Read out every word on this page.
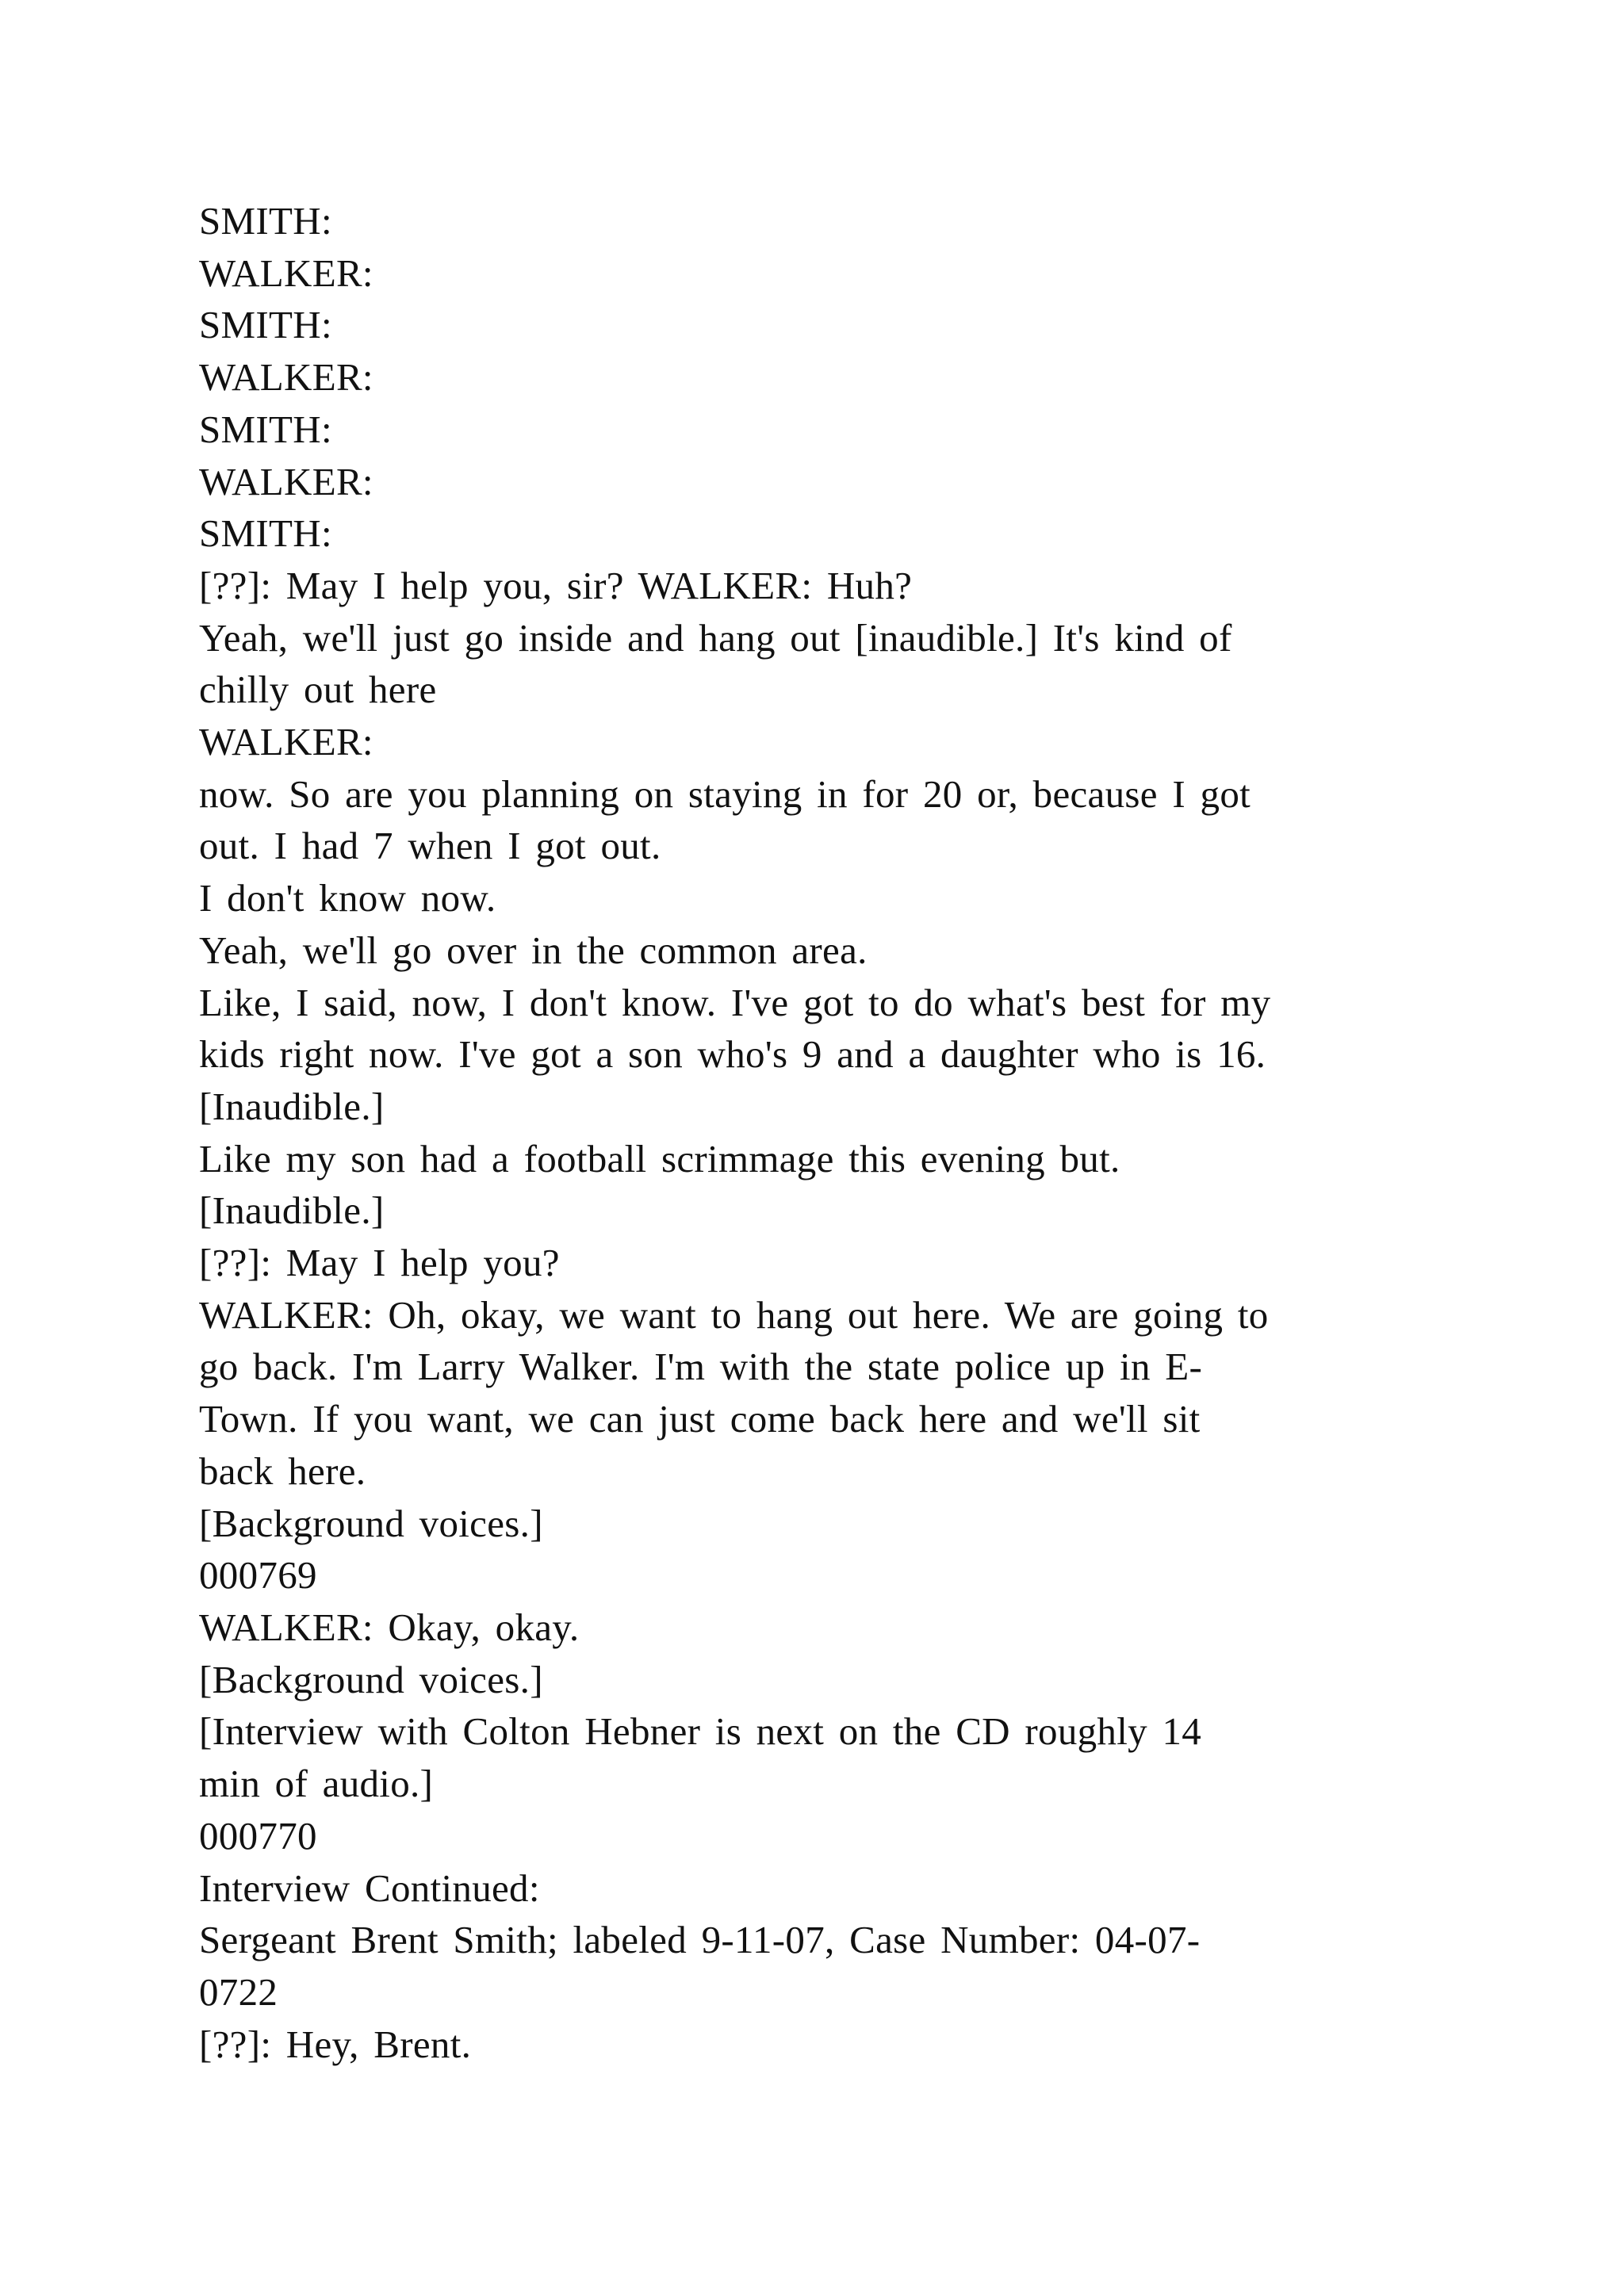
SMITH:
WALKER:
SMITH:
WALKER:
SMITH:
WALKER:
SMITH:
[??]: May I help you, sir? WALKER: Huh?
Yeah, we'll just go inside and hang out [inaudible.] It's kind of
chilly out here
WALKER:
now. So are you planning on staying in for 20 or, because I got
out. I had 7 when I got out.
I don't know now.
Yeah, we'll go over in the common area.
Like, I said, now, I don't know. I've got to do what's best for my
kids right now. I've got a son who's 9 and a daughter who is 16.
[Inaudible.]
Like my son had a football scrimmage this evening but.
[Inaudible.]
[??]: May I help you?
WALKER: Oh, okay, we want to hang out here. We are going to
go back. I'm Larry Walker. I'm with the state police up in E-
Town. If you want, we can just come back here and we'll sit
back here.
[Background voices.]
000769
WALKER: Okay, okay.
[Background voices.]
[Interview with Colton Hebner is next on the CD roughly 14
min of audio.]
000770
Interview Continued:
Sergeant Brent Smith; labeled 9-11-07, Case Number: 04-07-
0722
[??]: Hey, Brent.
